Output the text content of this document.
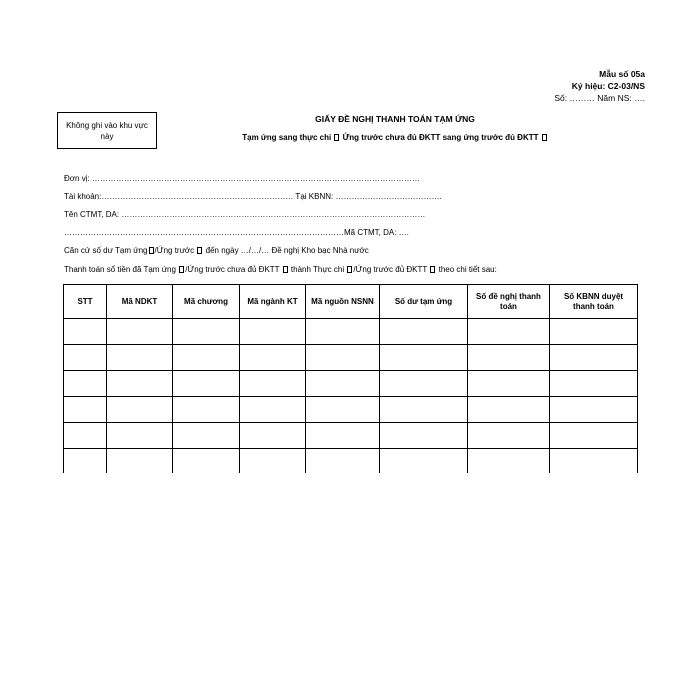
Mẫu số 05a
Ký hiệu: C2-03/NS
Số: ……… Năm NS: ….
Không ghi vào khu vực này
GIẤY ĐỀ NGHỊ THANH TOÁN TẠM ỨNG
Tạm ứng sang thực chi Ứng trước chưa đủ ĐKTT sang ứng trước đủ ĐKTT
Đơn vị: ……………………………………………………………………………………………………………
Tài khoản:……………………………………………………………… Tại KBNN: ………………………………….
Tên CTMT, DA: ……………………………………………………………………………………………………
……………………………………………………………………………………………Mã CTMT, DA: ….
Căn cứ số dư Tạm ứng /Ứng trước đến ngày …/…/… Đề nghị Kho bạc Nhà nước
Thanh toán số tiền đã Tạm ứng /Ứng trước chưa đủ ĐKTT thành Thực chi /Ứng trước đủ ĐKTT theo chi tiết sau:
STT	Mã NDKT	Mã chương	Mã ngành KT	Mã nguồn NSNN	Số dư tạm ứng	Số đề nghị thanh toán	Số KBNN duyệt thanh toán
